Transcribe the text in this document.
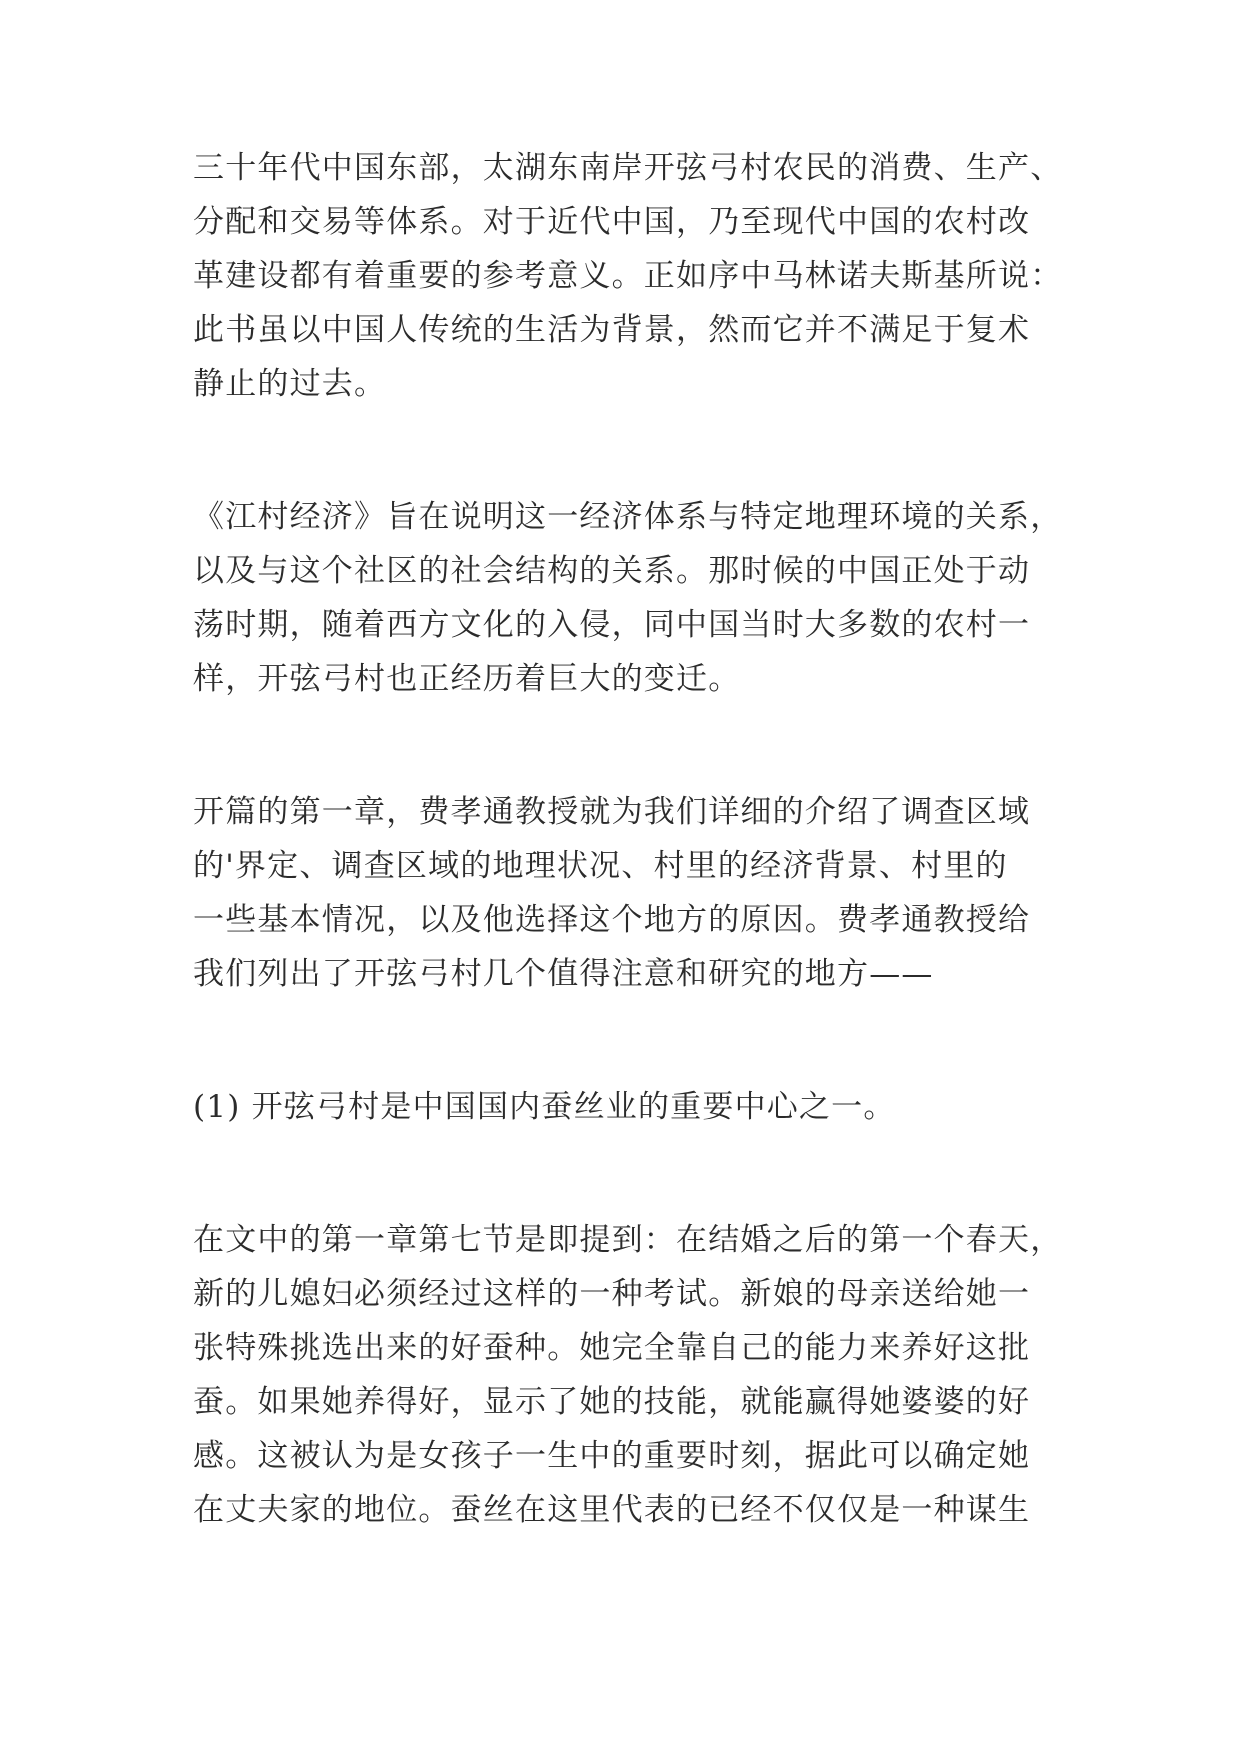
三十年代中国东部，太湖东南岸开弦弓村农民的消费、生产、
分配和交易等体系。对于近代中国，乃至现代中国的农村改
革建设都有着重要的参考意义。正如序中马林诺夫斯基所说：
此书虽以中国人传统的生活为背景，然而它并不满足于复术
静止的过去。
《江村经济》旨在说明这一经济体系与特定地理环境的关系，
以及与这个社区的社会结构的关系。那时候的中国正处于动
荡时期，随着西方文化的入侵，同中国当时大多数的农村一
样，开弦弓村也正经历着巨大的变迁。
开篇的第一章，费孝通教授就为我们详细的介绍了调查区域
的'界定、调查区域的地理状况、村里的经济背景、村里的
一些基本情况，以及他选择这个地方的原因。费孝通教授给
我们列出了开弦弓村几个值得注意和研究的地方——
(1) 开弦弓村是中国国内蚕丝业的重要中心之一。
在文中的第一章第七节是即提到：在结婚之后的第一个春天，
新的儿媳妇必须经过这样的一种考试。新娘的母亲送给她一
张特殊挑选出来的好蚕种。她完全靠自己的能力来养好这批
蚕。如果她养得好，显示了她的技能，就能赢得她婆婆的好
感。这被认为是女孩子一生中的重要时刻，据此可以确定她
在丈夫家的地位。蚕丝在这里代表的已经不仅仅是一种谋生
